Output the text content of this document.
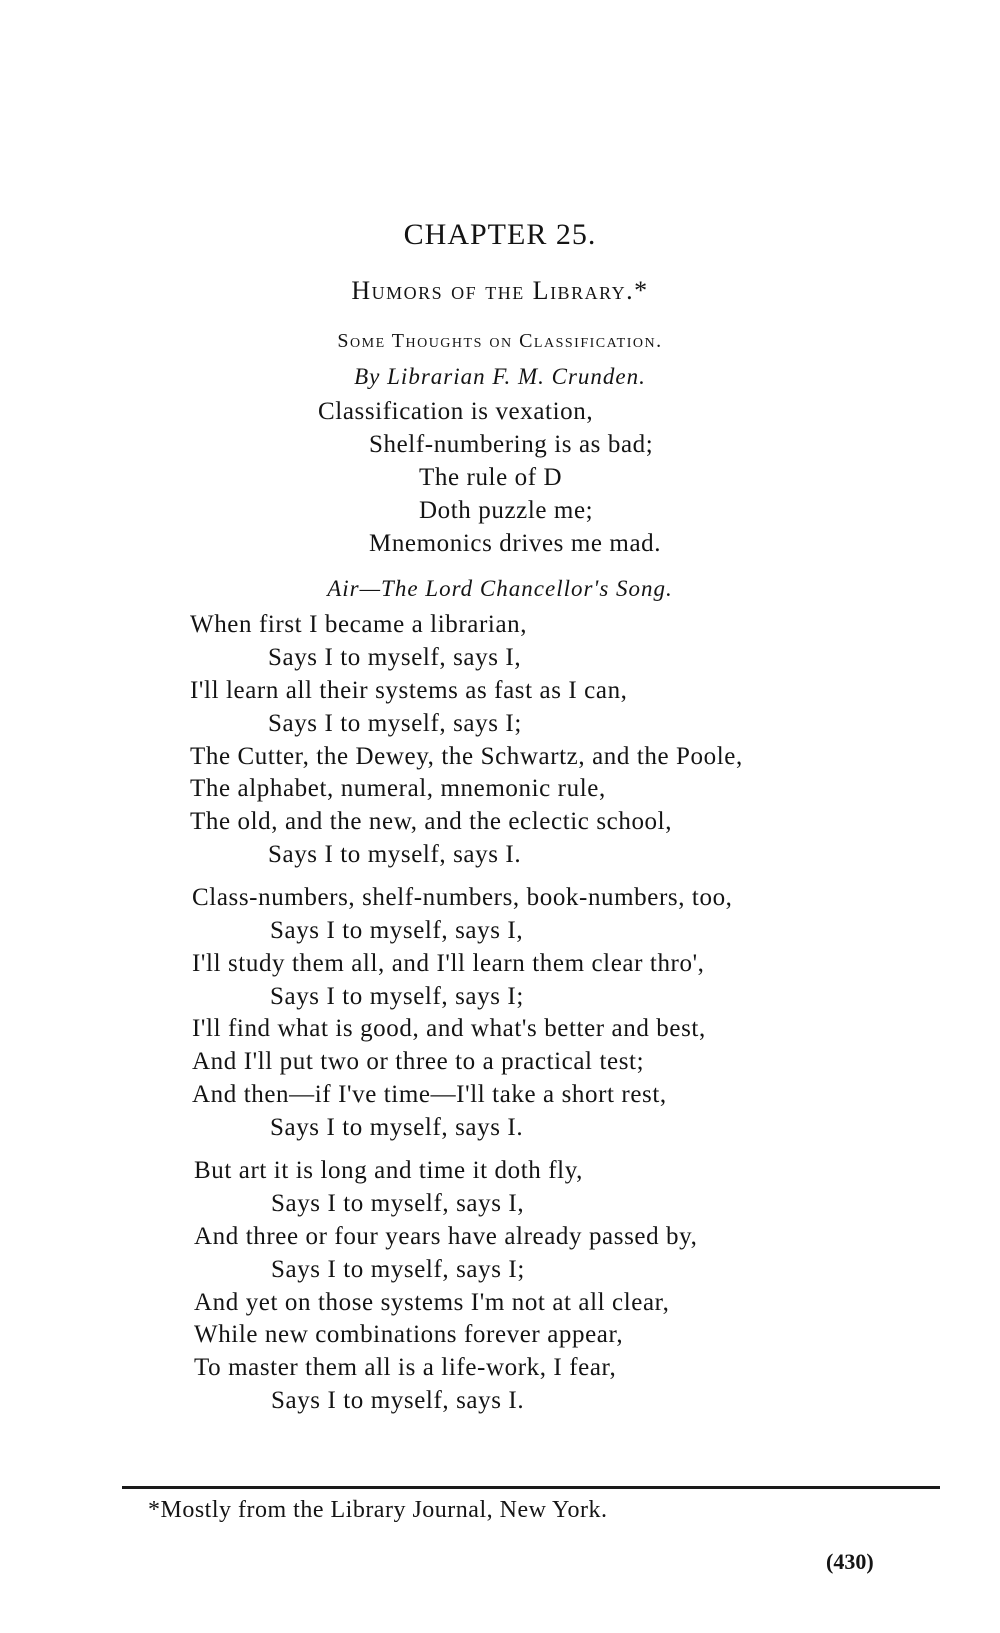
CHAPTER 25.
Humors of the Library.*
Some Thoughts on Classification.
By Librarian F. M. Crunden.
Classification is vexation,
Shelf-numbering is as bad;
The rule of D
Doth puzzle me;
Mnemonics drives me mad.
Air—The Lord Chancellor's Song.
When first I became a librarian,
Says I to myself, says I,
I'll learn all their systems as fast as I can,
Says I to myself, says I;
The Cutter, the Dewey, the Schwartz, and the Poole,
The alphabet, numeral, mnemonic rule,
The old, and the new, and the eclectic school,
Says I to myself, says I.
Class-numbers, shelf-numbers, book-numbers, too,
Says I to myself, says I,
I'll study them all, and I'll learn them clear thro',
Says I to myself, says I;
I'll find what is good, and what's better and best,
And I'll put two or three to a practical test;
And then—if I've time—I'll take a short rest,
Says I to myself, says I.
But art it is long and time it doth fly,
Says I to myself, says I,
And three or four years have already passed by,
Says I to myself, says I;
And yet on those systems I'm not at all clear,
While new combinations forever appear,
To master them all is a life-work, I fear,
Says I to myself, says I.
*Mostly from the Library Journal, New York.
(430)
